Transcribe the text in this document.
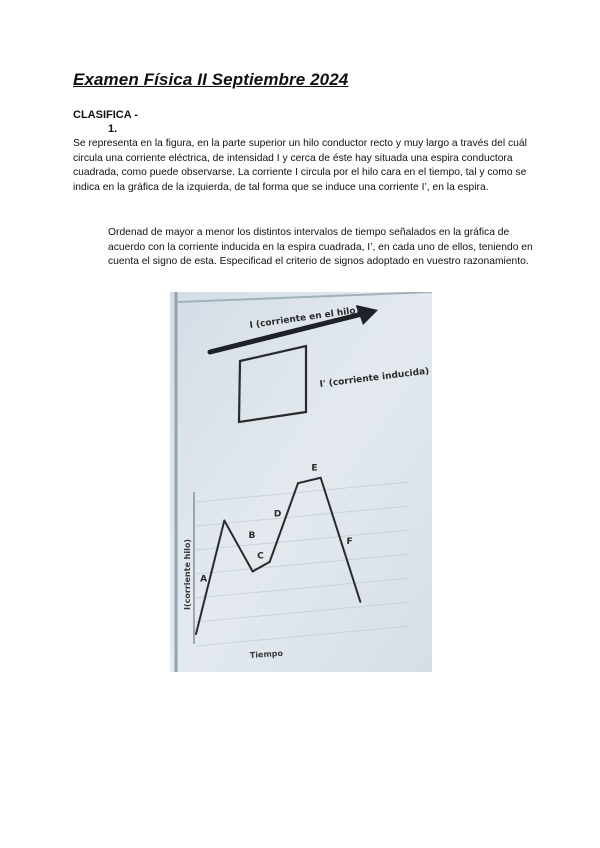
Examen Física II Septiembre 2024
CLASIFICA -
1.
Se representa en la figura, en la parte superior un hilo conductor recto y muy largo a través del cuál circula una corriente eléctrica, de intensidad I y cerca de éste hay situada una espira conductora cuadrada, como puede observarse. La corriente I circula por el hilo cara en el tiempo, tal y como se indica en la gráfica de la izquierda, de tal forma que se induce una corriente I’, en la espira.
Ordenad de mayor a menor los distintos intervalos de tiempo señalados en la gráfica de acuerdo con la corriente inducida en la espira cuadrada, I’, en cada uno de ellos, teniendo en cuenta el signo de esta. Especificad el criterio de signos adoptado en vuestro razonamiento.
I (corriente en el hilo)
I' (corriente inducida)
I(corriente hilo)
Tiempo
A
B
C
D
E
F
